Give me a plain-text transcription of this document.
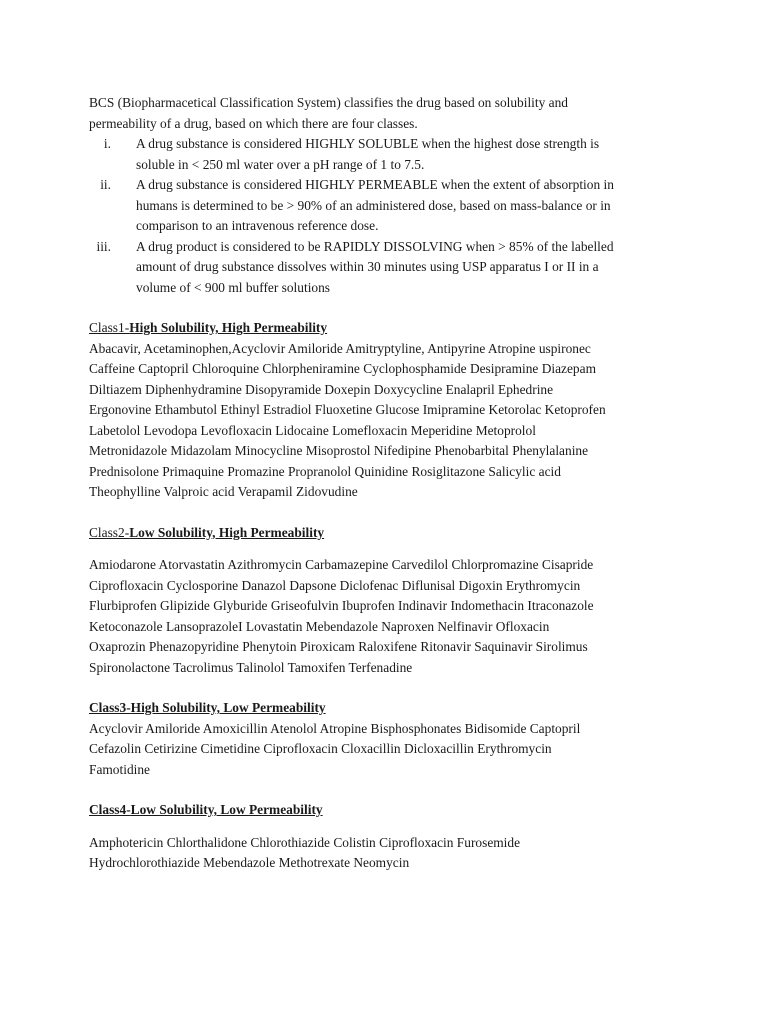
BCS (Biopharmacetical Classification System) classifies the drug based on solubility and
permeability of a drug, based on which there are four classes.
i. A drug substance is considered HIGHLY SOLUBLE when the highest dose strength is
soluble in < 250 ml water over a pH range of 1 to 7.5.
ii. A drug substance is considered HIGHLY PERMEABLE when the extent of absorption in
humans is determined to be > 90% of an administered dose, based on mass-balance or in
comparison to an intravenous reference dose.
iii. A drug product is considered to be RAPIDLY DISSOLVING when > 85% of the labelled
amount of drug substance dissolves within 30 minutes using USP apparatus I or II in a
volume of < 900 ml buffer solutions

Class1-High Solubility, High Permeability

Abacavir, Acetaminophen,Acyclovir Amiloride Amitryptyline, Antipyrine Atropine uspironec
Caffeine Captopril Chloroquine Chlorpheniramine Cyclophosphamide Desipramine Diazepam
Diltiazem Diphenhydramine Disopyramide Doxepin Doxycycline Enalapril Ephedrine
Ergonovine Ethambutol Ethinyl Estradiol Fluoxetine Glucose Imipramine Ketorolac Ketoprofen
Labetolol Levodopa Levofloxacin Lidocaine Lomefloxacin Meperidine Metoprolol
Metronidazole Midazolam Minocycline Misoprostol Nifedipine Phenobarbital Phenylalanine
Prednisolone Primaquine Promazine Propranolol Quinidine Rosiglitazone Salicylic acid
Theophylline Valproic acid Verapamil Zidovudine

Class2-Low Solubility, High Permeability

Amiodarone Atorvastatin Azithromycin Carbamazepine Carvedilol Chlorpromazine Cisapride
Ciprofloxacin Cyclosporine Danazol Dapsone Diclofenac Diflunisal Digoxin Erythromycin
Flurbiprofen Glipizide Glyburide Griseofulvin Ibuprofen Indinavir Indomethacin Itraconazole
Ketoconazole LansoprazoleI Lovastatin Mebendazole Naproxen Nelfinavir Ofloxacin
Oxaprozin Phenazopyridine Phenytoin Piroxicam Raloxifene Ritonavir Saquinavir Sirolimus
Spironolactone Tacrolimus Talinolol Tamoxifen Terfenadine

Class3-High Solubility, Low Permeability

Acyclovir Amiloride Amoxicillin Atenolol Atropine Bisphosphonates Bidisomide Captopril
Cefazolin Cetirizine Cimetidine Ciprofloxacin Cloxacillin Dicloxacillin Erythromycin
Famotidine

Class4-Low Solubility, Low Permeability

Amphotericin Chlorthalidone Chlorothiazide Colistin Ciprofloxacin Furosemide
Hydrochlorothiazide Mebendazole Methotrexate Neomycin
